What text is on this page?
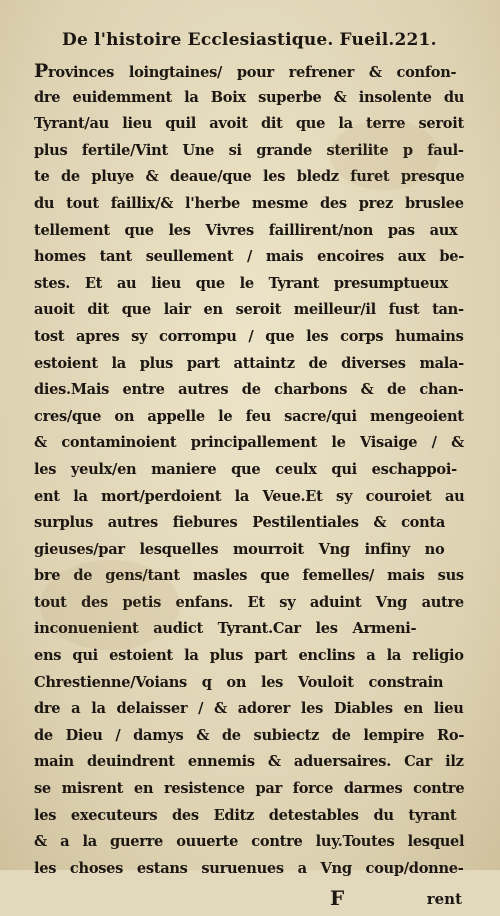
De l'histoire Ecclesiastique. Fueil.221.
Provinces loingtaines/ pour refrener & confon-
dre euidemment la Boix superbe & insolente du
Tyrant/au lieu quil avoit dit que la terre seroit
plus fertile/Vint Une si grande sterilite p faul-
te de pluye & deaue/que les bledz furet presque
du tout faillix/& l'herbe mesme des prez bruslee
tellement que les Vivres faillirent/non pas aux
homes tant seullement / mais encoires aux be-
stes. Et au lieu que le Tyrant presumptueux
auoit dit que lair en seroit meilleur/il fust tan-
tost apres sy corrompu / que les corps humains
estoient la plus part attaintz de diverses mala-
dies.Mais entre autres de charbons & de chan-
cres/que on appelle le feu sacre/qui mengeoient
& contaminoient principallement le Visaige / &
les yeulx/en maniere que ceulx qui eschappoi-
ent la mort/perdoient la Veue.Et sy couroiet au
surplus autres fiebures Pestilentiales & conta
gieuses/par lesquelles mourroit Vng infiny no
bre de gens/tant masles que femelles/ mais sus
tout des petis enfans. Et sy aduint Vng autre
inconuenient audict Tyrant.Car les Armeni-
ens qui estoient la plus part enclins a la religio
Chrestienne/Voians q on les Vouloit constrain
dre a la delaisser / & adorer les Diables en lieu
de Dieu / damys & de subiectz de lempire Ro-
main deuindrent ennemis & aduersaires. Car ilz
se misrent en resistence par force darmes contre
les executeurs des Editz detestables du tyrant
& a la guerre ouuerte contre luy.Toutes lesquel
les choses estans suruenues a Vng coup/donne-
F	rent
